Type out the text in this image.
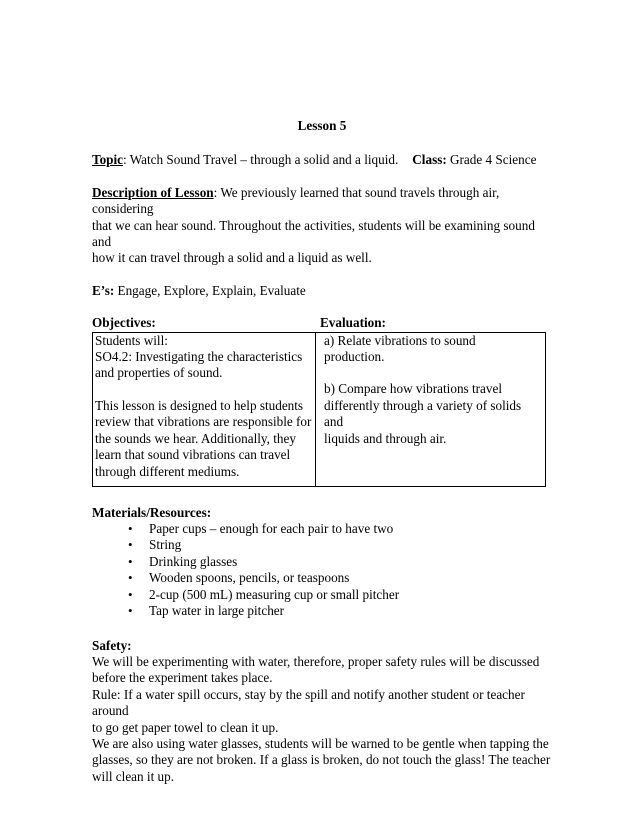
Lesson 5

Topic: Watch Sound Travel – through a solid and a liquid. Class: Grade 4 Science

Description of Lesson: We previously learned that sound travels through air, considering

that we can hear sound. Throughout the activities, students will be examining sound and

how it can travel through a solid and a liquid as well.

E’s: Engage, Explore, Explain, Evaluate

Objectives:	Evaluation:

Students will:

SO4.2: Investigating the characteristics

and properties of sound.

This lesson is designed to help students

review that vibrations are responsible for

the sounds we hear. Additionally, they

learn that sound vibrations can travel

through different mediums.

a) Relate vibrations to sound production.

b) Compare how vibrations travel

differently through a variety of solids and

liquids and through air.

Materials/Resources:

• Paper cups – enough for each pair to have two
• String
• Drinking glasses
• Wooden spoons, pencils, or teaspoons
• 2-cup (500 mL) measuring cup or small pitcher
• Tap water in large pitcher

Safety:

We will be experimenting with water, therefore, proper safety rules will be discussed

before the experiment takes place.

Rule: If a water spill occurs, stay by the spill and notify another student or teacher around

to go get paper towel to clean it up.

We are also using water glasses, students will be warned to be gentle when tapping the

glasses, so they are not broken. If a glass is broken, do not touch the glass! The teacher

will clean it up.
